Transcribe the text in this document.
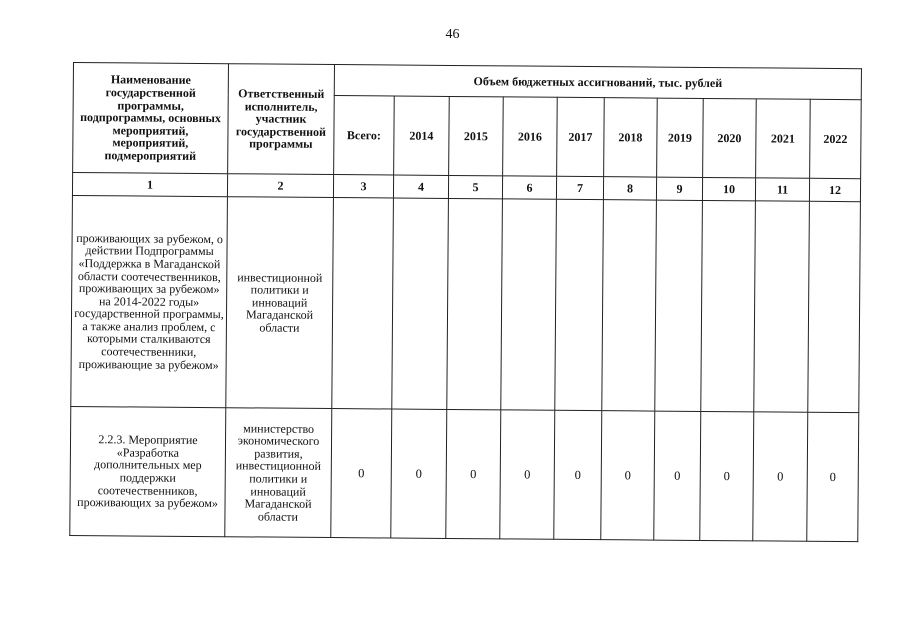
46
Наименование государственной программы, подпрограммы, основных мероприятий, мероприятий, подмероприятий	Ответственный исполнитель, участник государственной программы	Объем бюджетных ассигнований, тыс. рублей									
		Всего:	2014	2015	2016	2017	2018	2019	2020	2021	2022
1	2	3	4	5	6	7	8	9	10	11	12
проживающих за рубежом, о действии Подпрограммы «Поддержка в Магаданской области соотечественников, проживающих за рубежом» на 2014-2022 годы» государственной программы, а также анализ проблем, с которыми сталкиваются соотечественники, проживающие за рубежом»	инвестиционной политики и инноваций Магаданской области										
2.2.3. Мероприятие «Разработка дополнительных мер поддержки соотечественников, проживающих за рубежом»	министерство экономического развития, инвестиционной политики и инноваций Магаданской области	0	0	0	0	0	0	0	0	0	0
